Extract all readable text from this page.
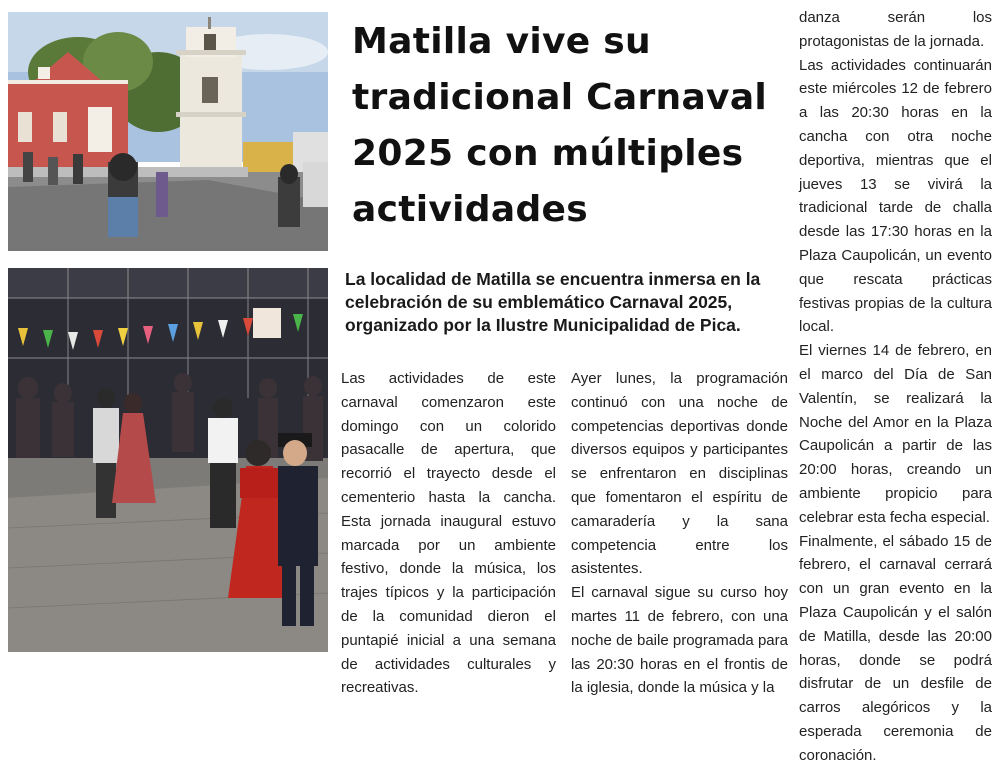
Matilla vive su tradicional Carnaval 2025 con múltiples actividades

La localidad de Matilla se encuentra inmersa en la celebración de su emblemático Carnaval 2025, organizado por la Ilustre Municipalidad de Pica.

Las actividades de este carnaval comenzaron este domingo con un colorido pasacalle de apertura, que recorrió el trayecto desde el cementerio hasta la cancha. Esta jornada inaugural estuvo marcada por un ambiente festivo, donde la música, los trajes típicos y la participación de la comunidad dieron el puntapié inicial a una semana de actividades culturales y recreativas.

Ayer lunes, la programación continuó con una noche de competencias deportivas donde diversos equipos y participantes se enfrentaron en disciplinas que fomentaron el espíritu de camaradería y la sana competencia entre los asistentes.

El carnaval sigue su curso hoy martes 11 de febrero, con una noche de baile programada para las 20:30 horas en el frontis de la iglesia, donde la música y la

danza serán los protagonistas de la jornada.

Las actividades continuarán este miércoles 12 de febrero a las 20:30 horas en la cancha con otra noche deportiva, mientras que el jueves 13 se vivirá la tradicional tarde de challa desde las 17:30 horas en la Plaza Caupolicán, un evento que rescata prácticas festivas propias de la cultura local.

El viernes 14 de febrero, en el marco del Día de San Valentín, se realizará la Noche del Amor en la Plaza Caupolicán a partir de las 20:00 horas, creando un ambiente propicio para celebrar esta fecha especial.

Finalmente, el sábado 15 de febrero, el carnaval cerrará con un gran evento en la Plaza Caupolicán y el salón de Matilla, desde las 20:00 horas, donde se podrá disfrutar de un desfile de carros alegóricos y la esperada ceremonia de coronación.
